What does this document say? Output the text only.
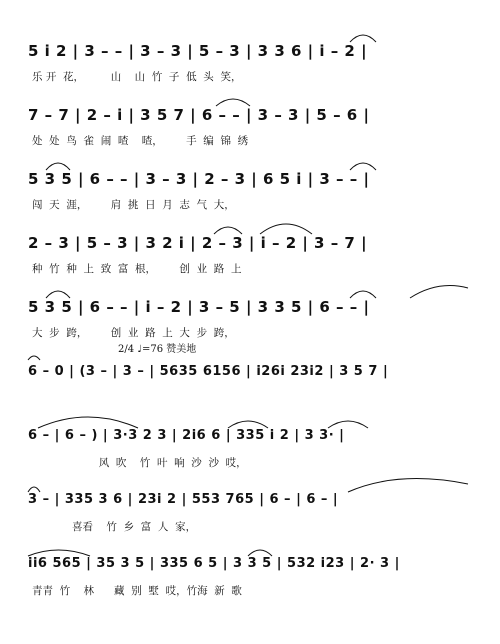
2/4 ♩=76 赞美地
5 i 2 | 3 – – | 3 – 3 | 5 – 3 | 3 3 6 | i – 2 |
乐 开  花，        山    山  竹  子  低  头  笑，
7 – 7 | 2 – i | 3 5 7 | 6 – – | 3 – 3 | 5 – 6 |
处  处  鸟  雀  闹  喳    喳，       手  编  锦  绣
5 3 5 | 6 – – | 3 – 3 | 2 – 3 | 6 5 i | 3 – – |
闯  天  涯，       肩  挑  日  月  志  气  大，
2 – 3 | 5 – 3 | 3 2 i | 2 – 3 | i – 2 | 3 – 7 |
种  竹  种  上  致  富  根，       创  业  路  上
5 3 5 | 6 – – | i – 2 | 3 – 5 | 3 3 5 | 6 – – |
大  步  跨，       创  业  路  上  大  步  跨，
6 – 0 | (3 – | 3 – | 5635 6156 | i26i 23i2 | 3 5 7 |
6 – | 6 – ) | 3·3 2 3 | 2i6 6 | 335 i 2 | 3 3· |
风  吹    竹  叶  响  沙  沙  哎，
3 – | 335 3 6 | 23i 2 | 553 765 | 6 – | 6 – |
喜看    竹  乡  富  人  家，
ii6 565 | 35 3 5 | 335 6 5 | 3 3 5 | 532 i23 | 2· 3 |
青青  竹    林      藏  别  墅  哎，竹海  新  歌
